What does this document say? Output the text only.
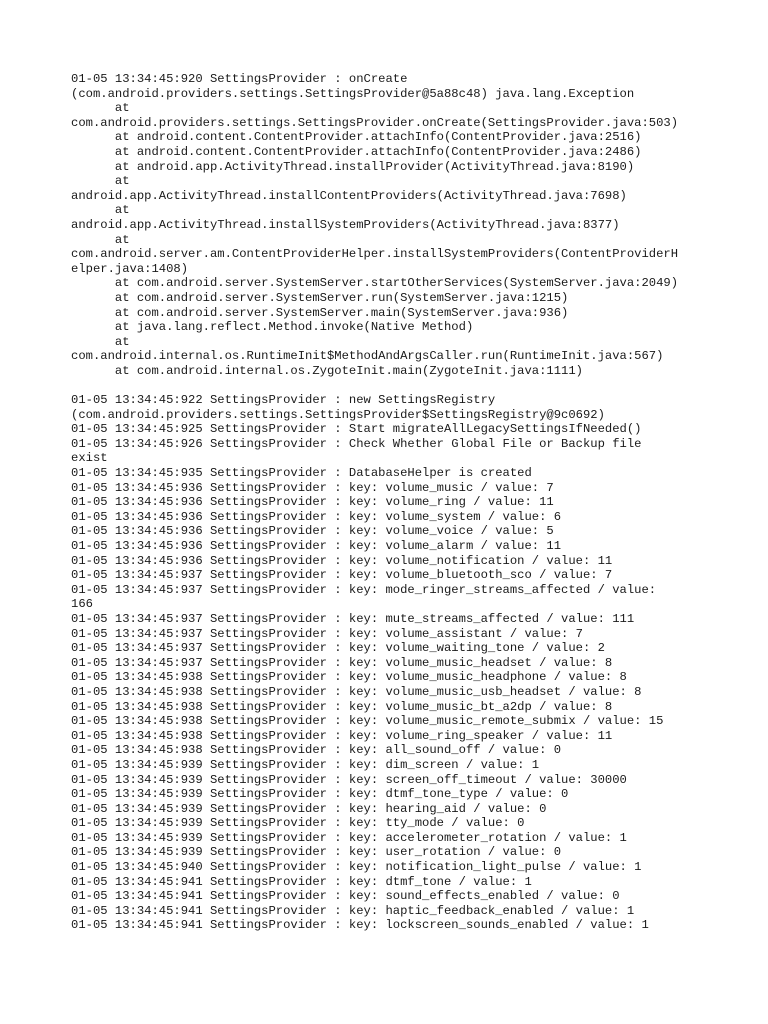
01-05 13:34:45:920 SettingsProvider : onCreate
(com.android.providers.settings.SettingsProvider@5a88c48) java.lang.Exception
at
com.android.providers.settings.SettingsProvider.onCreate(SettingsProvider.java:503)
at android.content.ContentProvider.attachInfo(ContentProvider.java:2516)
at android.content.ContentProvider.attachInfo(ContentProvider.java:2486)
at android.app.ActivityThread.installProvider(ActivityThread.java:8190)
at
android.app.ActivityThread.installContentProviders(ActivityThread.java:7698)
at
android.app.ActivityThread.installSystemProviders(ActivityThread.java:8377)
at
com.android.server.am.ContentProviderHelper.installSystemProviders(ContentProviderH
elper.java:1408)
at com.android.server.SystemServer.startOtherServices(SystemServer.java:2049)
at com.android.server.SystemServer.run(SystemServer.java:1215)
at com.android.server.SystemServer.main(SystemServer.java:936)
at java.lang.reflect.Method.invoke(Native Method)
at
com.android.internal.os.RuntimeInit$MethodAndArgsCaller.run(RuntimeInit.java:567)
at com.android.internal.os.ZygoteInit.main(ZygoteInit.java:1111)
01-05 13:34:45:922 SettingsProvider : new SettingsRegistry
(com.android.providers.settings.SettingsProvider$SettingsRegistry@9c0692)
01-05 13:34:45:925 SettingsProvider : Start migrateAllLegacySettingsIfNeeded()
01-05 13:34:45:926 SettingsProvider : Check Whether Global File or Backup file
exist
01-05 13:34:45:935 SettingsProvider : DatabaseHelper is created
01-05 13:34:45:936 SettingsProvider : key: volume_music / value: 7
01-05 13:34:45:936 SettingsProvider : key: volume_ring / value: 11
01-05 13:34:45:936 SettingsProvider : key: volume_system / value: 6
01-05 13:34:45:936 SettingsProvider : key: volume_voice / value: 5
01-05 13:34:45:936 SettingsProvider : key: volume_alarm / value: 11
01-05 13:34:45:936 SettingsProvider : key: volume_notification / value: 11
01-05 13:34:45:937 SettingsProvider : key: volume_bluetooth_sco / value: 7
01-05 13:34:45:937 SettingsProvider : key: mode_ringer_streams_affected / value:
166
01-05 13:34:45:937 SettingsProvider : key: mute_streams_affected / value: 111
01-05 13:34:45:937 SettingsProvider : key: volume_assistant / value: 7
01-05 13:34:45:937 SettingsProvider : key: volume_waiting_tone / value: 2
01-05 13:34:45:937 SettingsProvider : key: volume_music_headset / value: 8
01-05 13:34:45:938 SettingsProvider : key: volume_music_headphone / value: 8
01-05 13:34:45:938 SettingsProvider : key: volume_music_usb_headset / value: 8
01-05 13:34:45:938 SettingsProvider : key: volume_music_bt_a2dp / value: 8
01-05 13:34:45:938 SettingsProvider : key: volume_music_remote_submix / value: 15
01-05 13:34:45:938 SettingsProvider : key: volume_ring_speaker / value: 11
01-05 13:34:45:938 SettingsProvider : key: all_sound_off / value: 0
01-05 13:34:45:939 SettingsProvider : key: dim_screen / value: 1
01-05 13:34:45:939 SettingsProvider : key: screen_off_timeout / value: 30000
01-05 13:34:45:939 SettingsProvider : key: dtmf_tone_type / value: 0
01-05 13:34:45:939 SettingsProvider : key: hearing_aid / value: 0
01-05 13:34:45:939 SettingsProvider : key: tty_mode / value: 0
01-05 13:34:45:939 SettingsProvider : key: accelerometer_rotation / value: 1
01-05 13:34:45:939 SettingsProvider : key: user_rotation / value: 0
01-05 13:34:45:940 SettingsProvider : key: notification_light_pulse / value: 1
01-05 13:34:45:941 SettingsProvider : key: dtmf_tone / value: 1
01-05 13:34:45:941 SettingsProvider : key: sound_effects_enabled / value: 0
01-05 13:34:45:941 SettingsProvider : key: haptic_feedback_enabled / value: 1
01-05 13:34:45:941 SettingsProvider : key: lockscreen_sounds_enabled / value: 1
